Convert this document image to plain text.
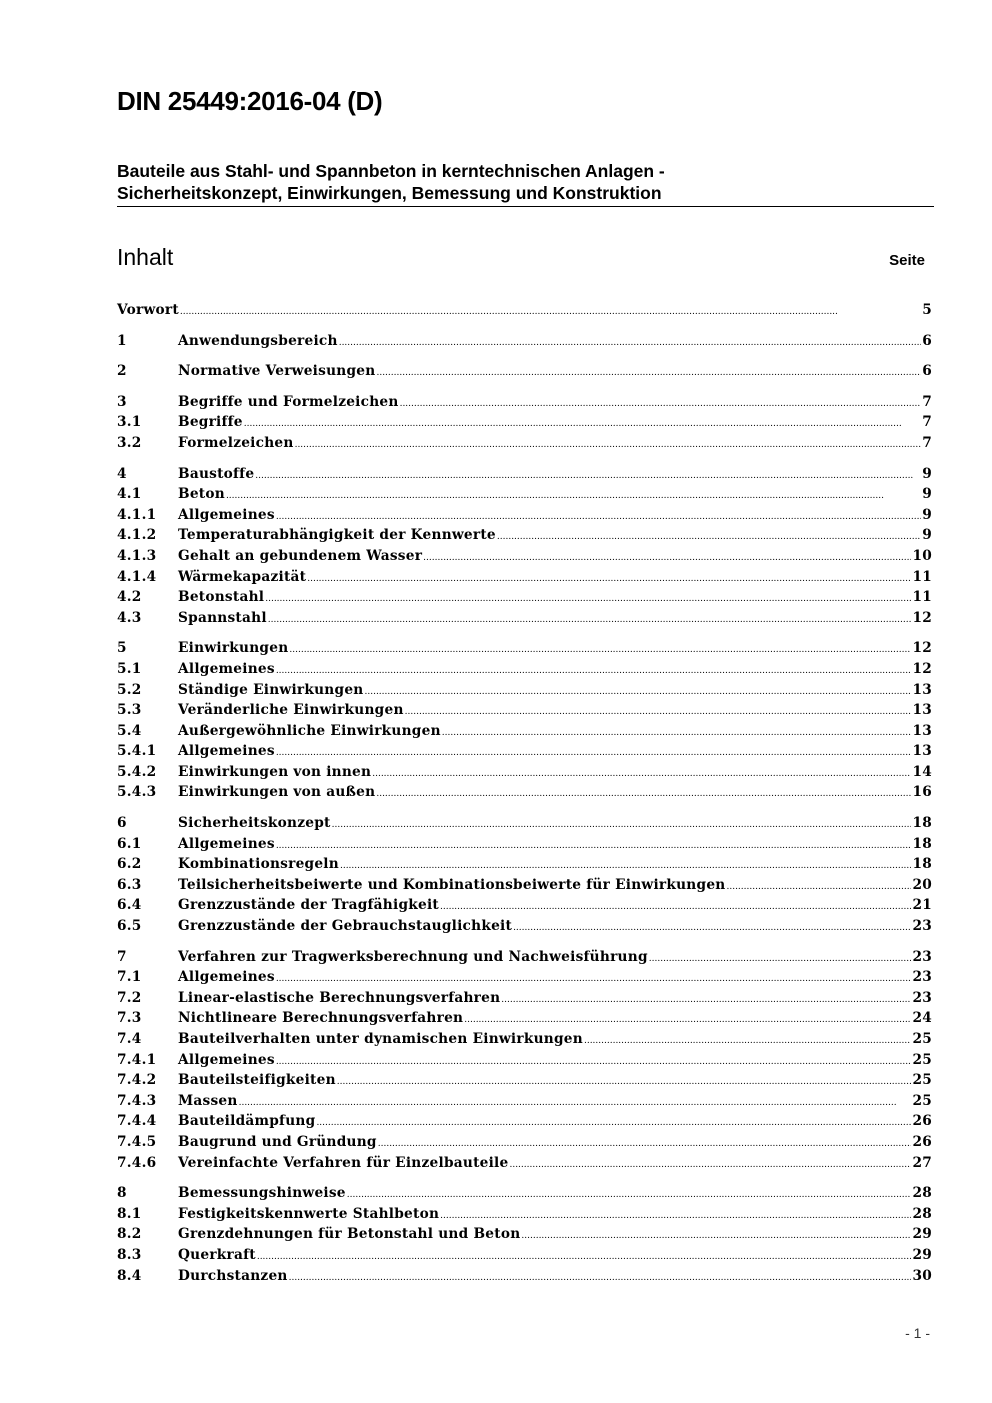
DIN 25449:2016-04 (D)
Bauteile aus Stahl- und Spannbeton in kerntechnischen Anlagen -
Sicherheitskonzept, Einwirkungen, Bemessung und Konstruktion
Inhalt	Seite
Vorwort .....	5
1	Anwendungsbereich .....	6
2	Normative Verweisungen .....	6
3	Begriffe und Formelzeichen .....	7
3.1	Begriffe .....	7
3.2	Formelzeichen .....	7
4	Baustoffe .....	9
4.1	Beton .....	9
4.1.1	Allgemeines .....	9
4.1.2	Temperaturabhängigkeit der Kennwerte .....	9
4.1.3	Gehalt an gebundenem Wasser .....	10
4.1.4	Wärmekapazität .....	11
4.2	Betonstahl .....	11
4.3	Spannstahl .....	12
5	Einwirkungen .....	12
5.1	Allgemeines .....	12
5.2	Ständige Einwirkungen .....	13
5.3	Veränderliche Einwirkungen .....	13
5.4	Außergewöhnliche Einwirkungen .....	13
5.4.1	Allgemeines .....	13
5.4.2	Einwirkungen von innen .....	14
5.4.3	Einwirkungen von außen .....	16
6	Sicherheitskonzept .....	18
6.1	Allgemeines .....	18
6.2	Kombinationsregeln .....	18
6.3	Teilsicherheitsbeiwerte und Kombinationsbeiwerte für Einwirkungen .....	20
6.4	Grenzzustände der Tragfähigkeit .....	21
6.5	Grenzzustände der Gebrauchstauglichkeit .....	23
7	Verfahren zur Tragwerksberechnung und Nachweisführung .....	23
7.1	Allgemeines .....	23
7.2	Linear-elastische Berechnungsverfahren .....	23
7.3	Nichtlineare Berechnungsverfahren .....	24
7.4	Bauteilverhalten unter dynamischen Einwirkungen .....	25
7.4.1	Allgemeines .....	25
7.4.2	Bauteilsteifigkeiten .....	25
7.4.3	Massen .....	25
7.4.4	Bauteildämpfung .....	26
7.4.5	Baugrund und Gründung .....	26
7.4.6	Vereinfachte Verfahren für Einzelbauteile .....	27
8	Bemessungshinweise .....	28
8.1	Festigkeitskennwerte Stahlbeton .....	28
8.2	Grenzdehnungen für Betonstahl und Beton .....	29
8.3	Querkraft .....	29
8.4	Durchstanzen .....	30
- 1 -
